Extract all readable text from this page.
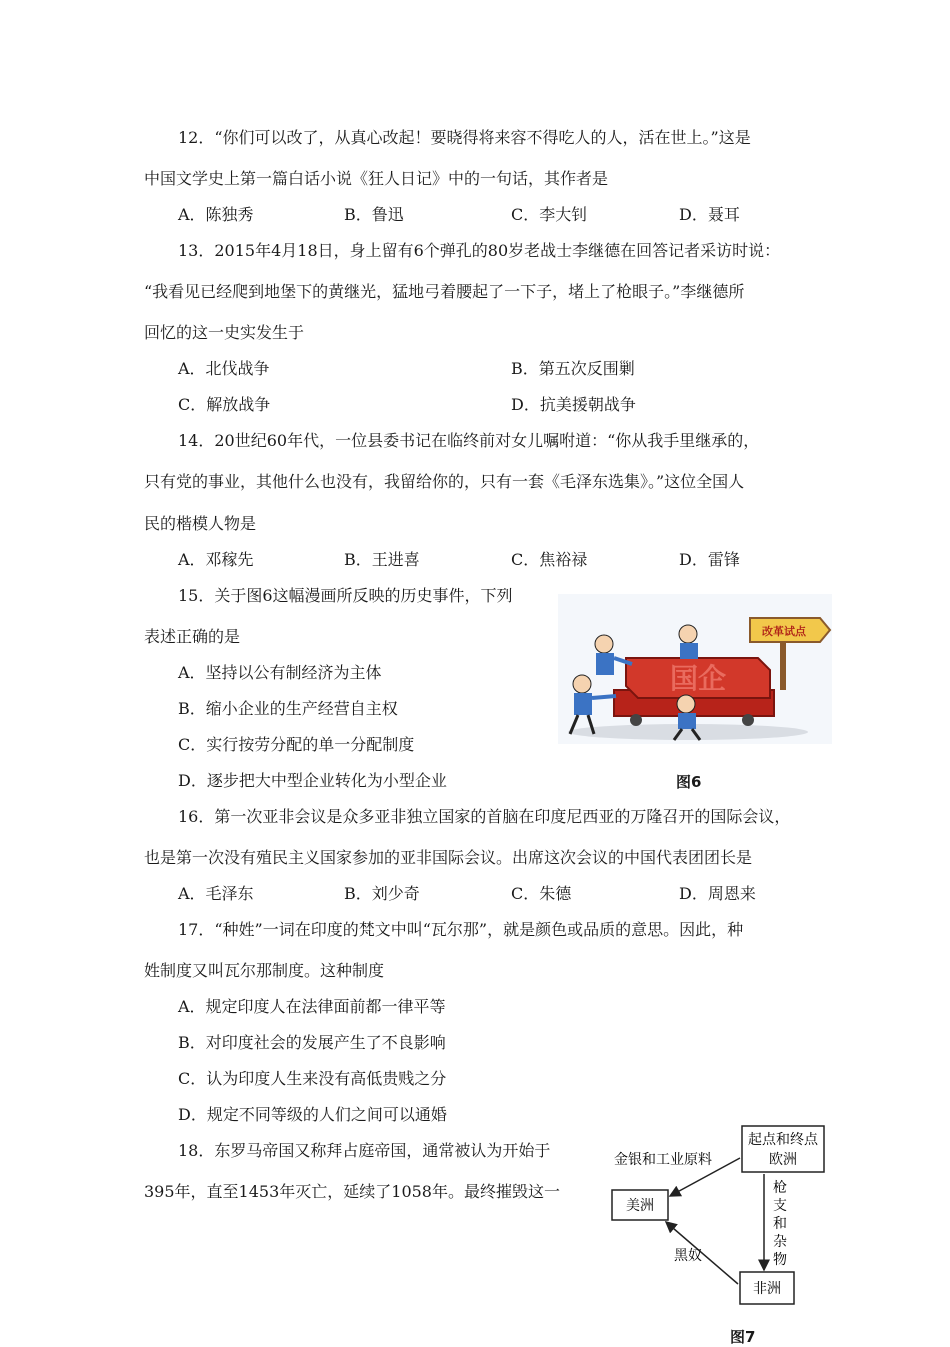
12．“你们可以改了，从真心改起！要晓得将来容不得吃人的人，活在世上。”这是
中国文学史上第一篇白话小说《狂人日记》中的一句话，其作者是
A．陈独秀	B．鲁迅	C．李大钊	D．聂耳
13．2015年4月18日，身上留有6个弹孔的80岁老战士李继德在回答记者采访时说：
“我看见已经爬到地堡下的黄继光，猛地弓着腰起了一下子，堵上了枪眼子。”李继德所
回忆的这一史实发生于
A．北伐战争	B．第五次反围剿
C．解放战争	D．抗美援朝战争
14．20世纪60年代，一位县委书记在临终前对女儿嘱咐道：“你从我手里继承的，
只有党的事业，其他什么也没有，我留给你的，只有一套《毛泽东选集》。”这位全国人
民的楷模人物是
A．邓稼先	B．王进喜	C．焦裕禄	D．雷锋
15．关于图6这幅漫画所反映的历史事件，下列
表述正确的是
A．坚持以公有制经济为主体
B．缩小企业的生产经营自主权
C．实行按劳分配的单一分配制度
D．逐步把大中型企业转化为小型企业
改革试点
国企
图6
16．第一次亚非会议是众多亚非独立国家的首脑在印度尼西亚的万隆召开的国际会议，
也是第一次没有殖民主义国家参加的亚非国际会议。出席这次会议的中国代表团团长是
A．毛泽东	B．刘少奇	C．朱德	D．周恩来
17．“种姓”一词在印度的梵文中叫“瓦尔那”，就是颜色或品质的意思。因此，种
姓制度又叫瓦尔那制度。这种制度
A．规定印度人在法律面前都一律平等
B．对印度社会的发展产生了不良影响
C．认为印度人生来没有高低贵贱之分
D．规定不同等级的人们之间可以通婚
18．东罗马帝国又称拜占庭帝国，通常被认为开始于
395年，直至1453年灭亡，延续了1058年。最终摧毁这一
起点和终点
欧洲
美洲
非洲
金银和工业原料
枪
支
和
杂
物
黑奴
图7
